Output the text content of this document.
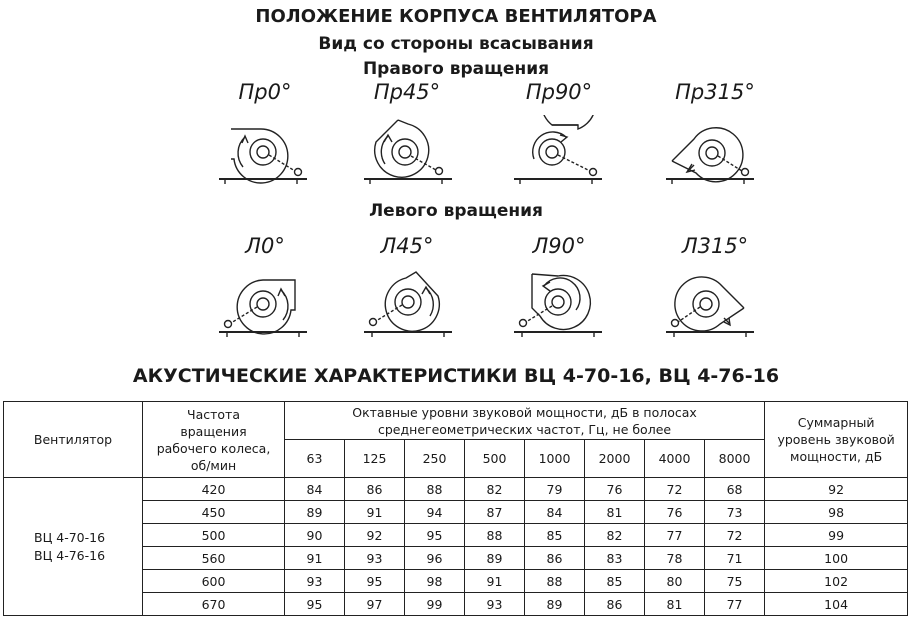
ПОЛОЖЕНИЕ КОРПУСА ВЕНТИЛЯТОРА
Вид со стороны всасывания
Правого вращения
Пр0°	Пр45°	Пр90°	Пр315°
Левого вращения
Л0°	Л45°	Л90°	Л315°
АКУСТИЧЕСКИЕ ХАРАКТЕРИСТИКИ ВЦ 4-70-16, ВЦ 4-76-16
Вентилятор	Частота вращения рабочего колеса, об/мин	Октавные уровни звуковой мощности, дБ в полосах среднегеометрических частот, Гц, не более								Суммарный уровень звуковой мощности, дБ
		63	125	250	500	1000	2000	4000	8000	

ВЦ 4-70-16
ВЦ 4-76-16	420	84	86	88	82	79	76	72	68	92
	450	89	91	94	87	84	81	76	73	98
	500	90	92	95	88	85	82	77	72	99
	560	91	93	96	89	86	83	78	71	100
	600	93	95	98	91	88	85	80	75	102
	670	95	97	99	93	89	86	81	77	104
